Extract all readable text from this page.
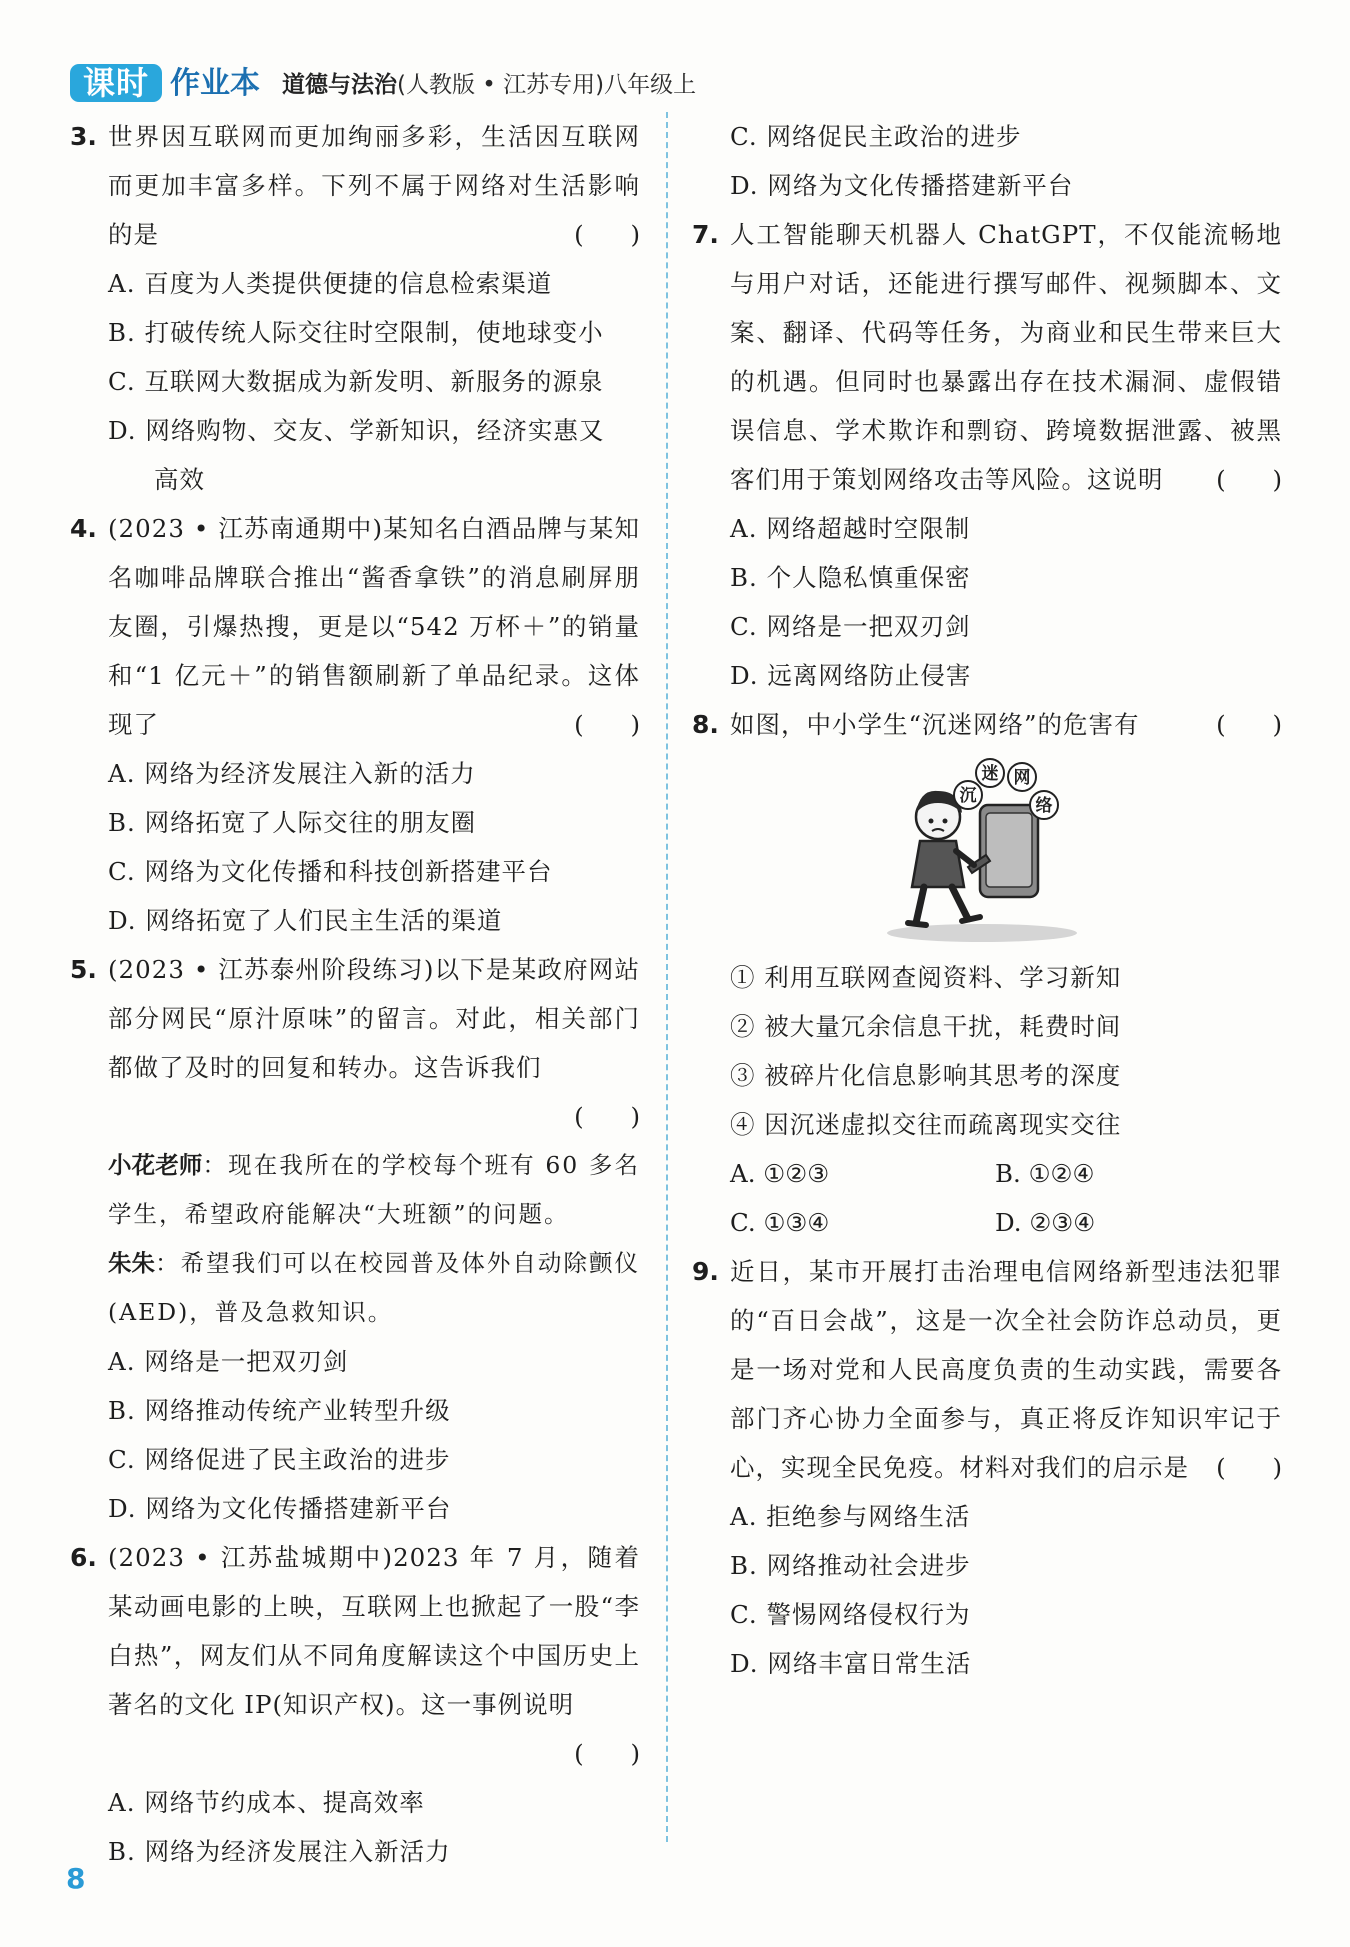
课时 作业本 道德与法治(人教版 • 江苏专用)八年级上
3. 世界因互联网而更加绚丽多彩，生活因互联网而更加丰富多样。下列不属于网络对生活影响的是	(      )
A. 百度为人类提供便捷的信息检索渠道
B. 打破传统人际交往时空限制，使地球变小
C. 互联网大数据成为新发明、新服务的源泉
D. 网络购物、交友、学新知识，经济实惠又
高效
4. (2023 • 江苏南通期中)某知名白酒品牌与某知名咖啡品牌联合推出“酱香拿铁”的消息刷屏朋友圈，引爆热搜，更是以“542 万杯＋”的销量和“1 亿元＋”的销售额刷新了单品纪录。这体现了	(      )
A. 网络为经济发展注入新的活力
B. 网络拓宽了人际交往的朋友圈
C. 网络为文化传播和科技创新搭建平台
D. 网络拓宽了人们民主生活的渠道
5. (2023 • 江苏泰州阶段练习)以下是某政府网站部分网民“原汁原味”的留言。对此，相关部门都做了及时的回复和转办。这告诉我们
(      )
小花老师：现在我所在的学校每个班有 60 多名学生，希望政府能解决“大班额”的问题。
朱朱：希望我们可以在校园普及体外自动除颤仪(AED)，普及急救知识。
A. 网络是一把双刃剑
B. 网络推动传统产业转型升级
C. 网络促进了民主政治的进步
D. 网络为文化传播搭建新平台
6. (2023 • 江苏盐城期中)2023 年 7 月，随着某动画电影的上映，互联网上也掀起了一股“李白热”，网友们从不同角度解读这个中国历史上著名的文化 IP(知识产权)。这一事例说明
(      )
A. 网络节约成本、提高效率
B. 网络为经济发展注入新活力
C. 网络促民主政治的进步
D. 网络为文化传播搭建新平台
7. 人工智能聊天机器人 ChatGPT，不仅能流畅地与用户对话，还能进行撰写邮件、视频脚本、文案、翻译、代码等任务，为商业和民生带来巨大的机遇。但同时也暴露出存在技术漏洞、虚假错误信息、学术欺诈和剽窃、跨境数据泄露、被黑客们用于策划网络攻击等风险。这说明 (      )
A. 网络超越时空限制
B. 个人隐私慎重保密
C. 网络是一把双刃剑
D. 远离网络防止侵害
8. 如图，中小学生“沉迷网络”的危害有	(      )
沉
迷 网
络
① 利用互联网查阅资料、学习新知
② 被大量冗余信息干扰，耗费时间
③ 被碎片化信息影响其思考的深度
④ 因沉迷虚拟交往而疏离现实交往
A. ①②③	B. ①②④
C. ①③④	D. ②③④
9. 近日，某市开展打击治理电信网络新型违法犯罪的“百日会战”，这是一次全社会防诈总动员，更是一场对党和人民高度负责的生动实践，需要各部门齐心协力全面参与，真正将反诈知识牢记于心，实现全民免疫。材料对我们的启示是 (      )
A. 拒绝参与网络生活
B. 网络推动社会进步
C. 警惕网络侵权行为
D. 网络丰富日常生活
8
